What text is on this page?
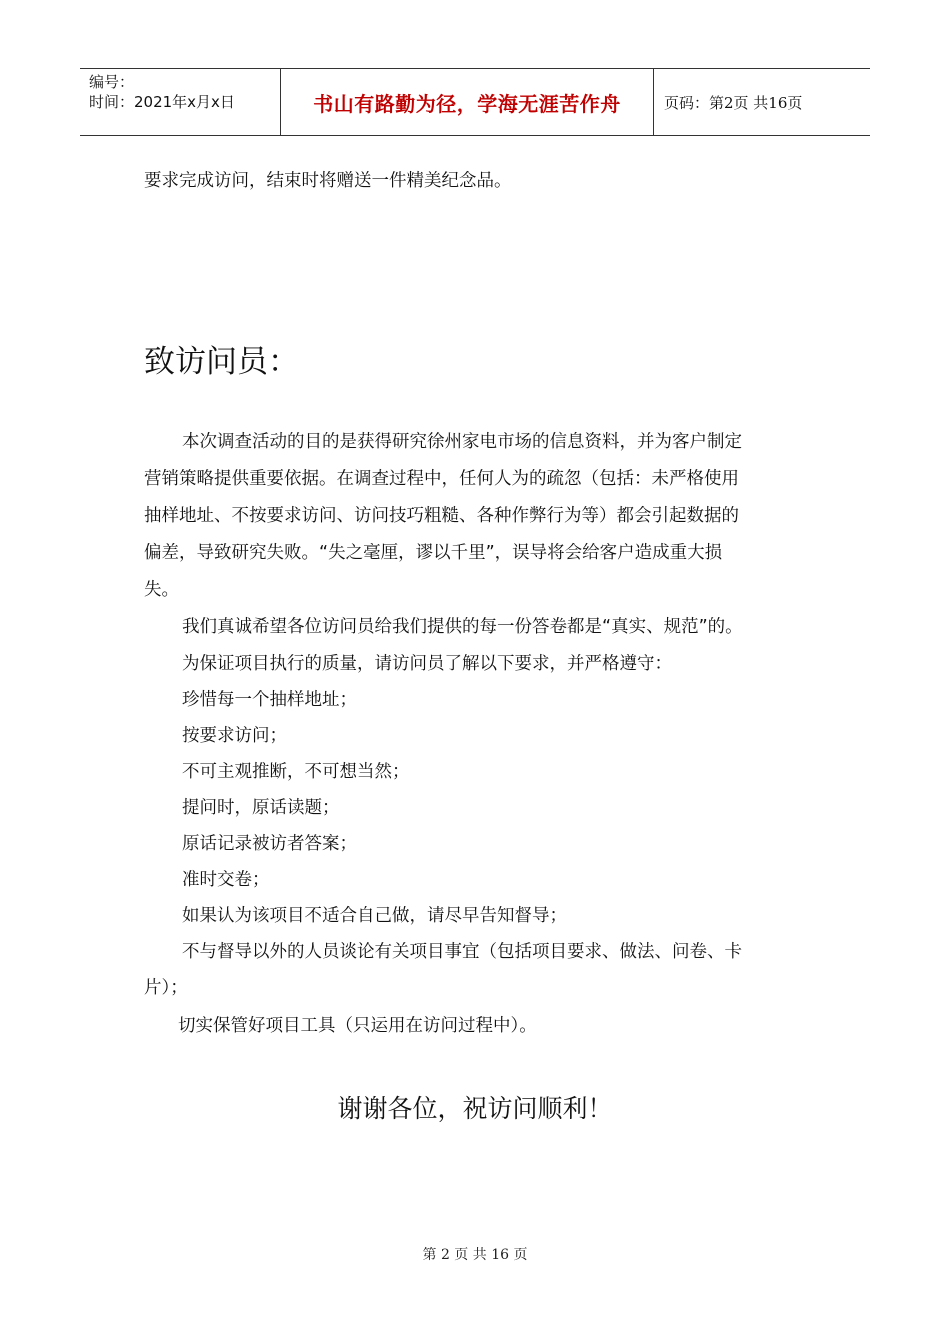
编号：
时间：2021年x月x日	书山有路勤为径，学海无涯苦作舟	页码：第2页 共16页
要求完成访问，结束时将赠送一件精美纪念品。
致访问员：
本次调查活动的目的是获得研究徐州家电市场的信息资料，并为客户制定
营销策略提供重要依据。在调查过程中，任何人为的疏忽（包括：未严格使用
抽样地址、不按要求访问、访问技巧粗糙、各种作弊行为等）都会引起数据的
偏差，导致研究失败。“失之毫厘，谬以千里”，误导将会给客户造成重大损
失。
我们真诚希望各位访问员给我们提供的每一份答卷都是“真实、规范”的。
为保证项目执行的质量，请访问员了解以下要求，并严格遵守：
珍惜每一个抽样地址；
按要求访问；
不可主观推断，不可想当然；
提问时，原话读题；
原话记录被访者答案；
准时交卷；
如果认为该项目不适合自己做，请尽早告知督导；
不与督导以外的人员谈论有关项目事宜（包括项目要求、做法、问卷、卡
片）；
切实保管好项目工具（只运用在访问过程中）。
谢谢各位，祝访问顺利！
第 2 页 共 16 页
